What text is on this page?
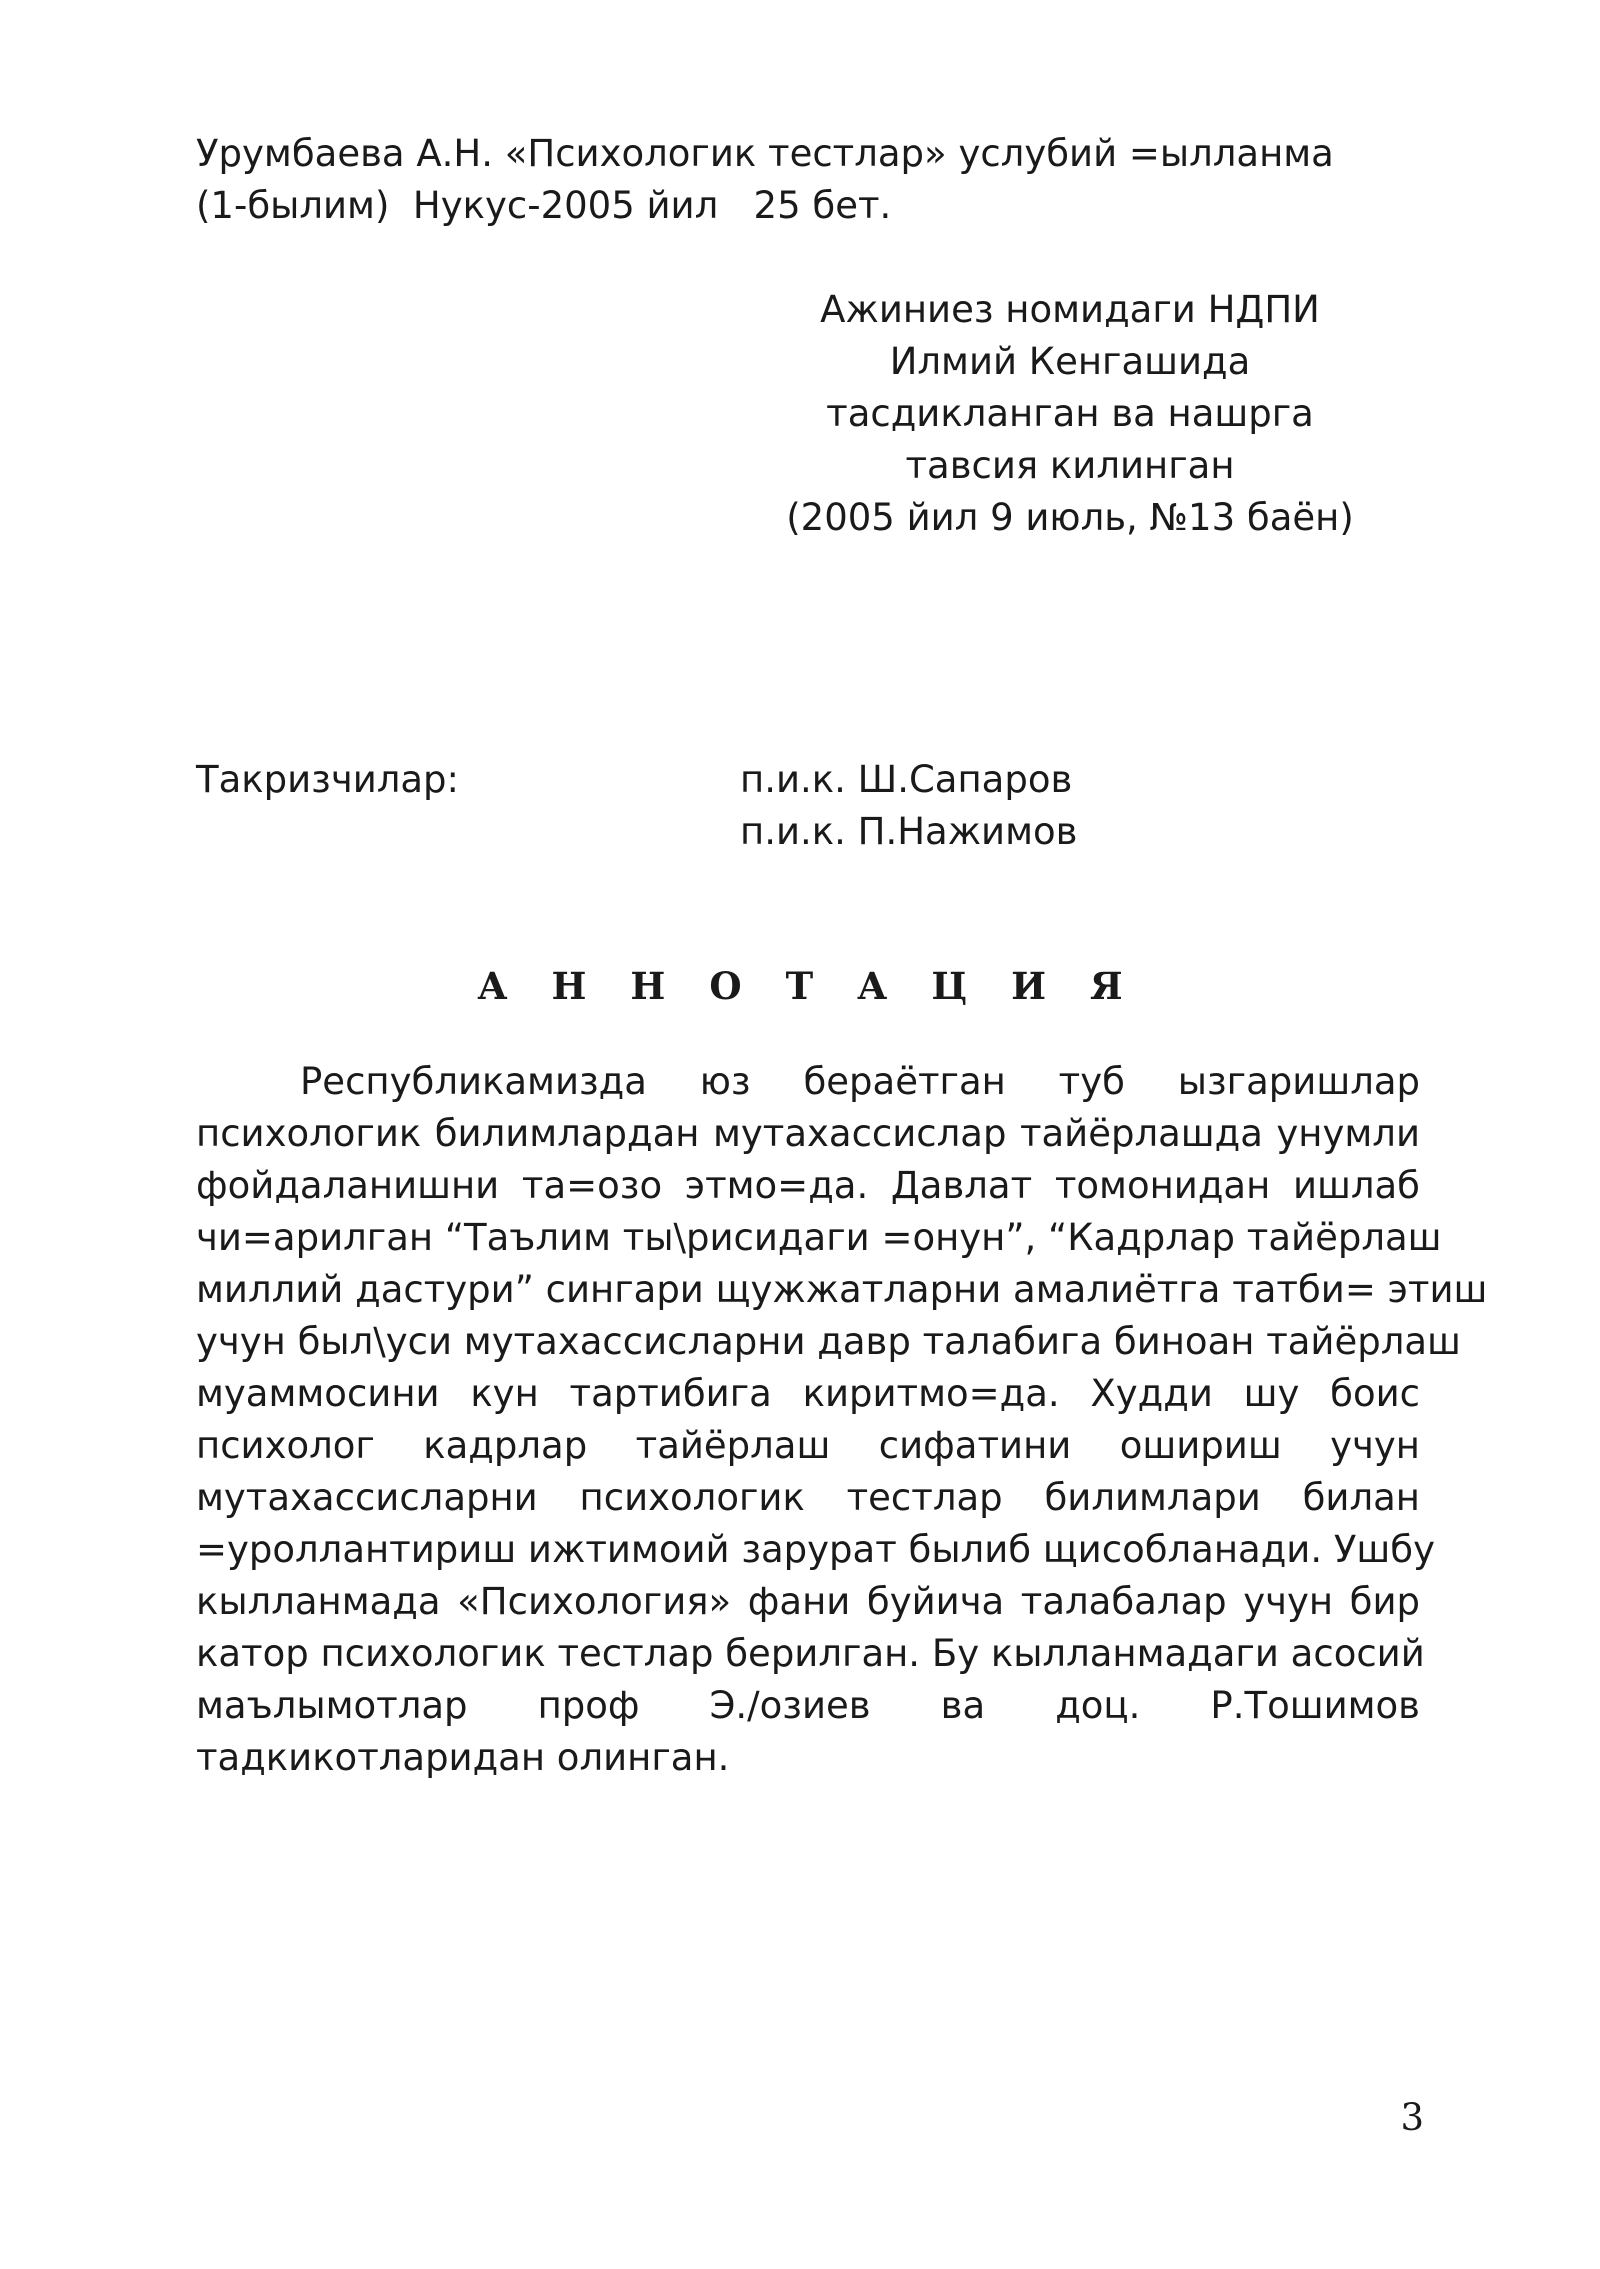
Урумбаева А.Н. «Психологик тестлар» услубий =ылланма
(1-былим)  Нукус-2005 йил   25 бет.
Ажиниез номидаги НДПИ
Илмий Кенгашида
тасдикланган ва нашрга
тавсия килинган
(2005 йил 9 июль, №13 баён)
Такризчилар:	п.и.к. Ш.Сапаров
п.и.к. П.Нажимов
А Н Н О Т А Ц И Я
Республикамизда юз бераётган туб ызгаришлар
психологик билимлардан мутахассислар тайёрлашда унумли
фойдаланишни та=озо этмо=да. Давлат томонидан ишлаб
чи=арилган “Таълим ты\рисидаги =онун”, “Кадрлар тайёрлаш
миллий дастури” сингари щужжатларни амалиётга татби= этиш
учун был\уси мутахассисларни давр талабига биноан тайёрлаш
муаммосини кун тартибига киритмо=да. Худди шу боис
психолог кадрлар тайёрлаш сифатини ошириш учун
мутахассисларни психологик тестлар билимлари билан
=уроллантириш ижтимоий зарурат былиб щисобланади. Ушбу
кылланмада «Психология» фани буйича талабалар учун бир
катор психологик тестлар берилган. Бу кылланмадаги асосий
маълымотлар проф Э./озиев ва доц. Р.Тошимов
тадкикотларидан олинган.
3
